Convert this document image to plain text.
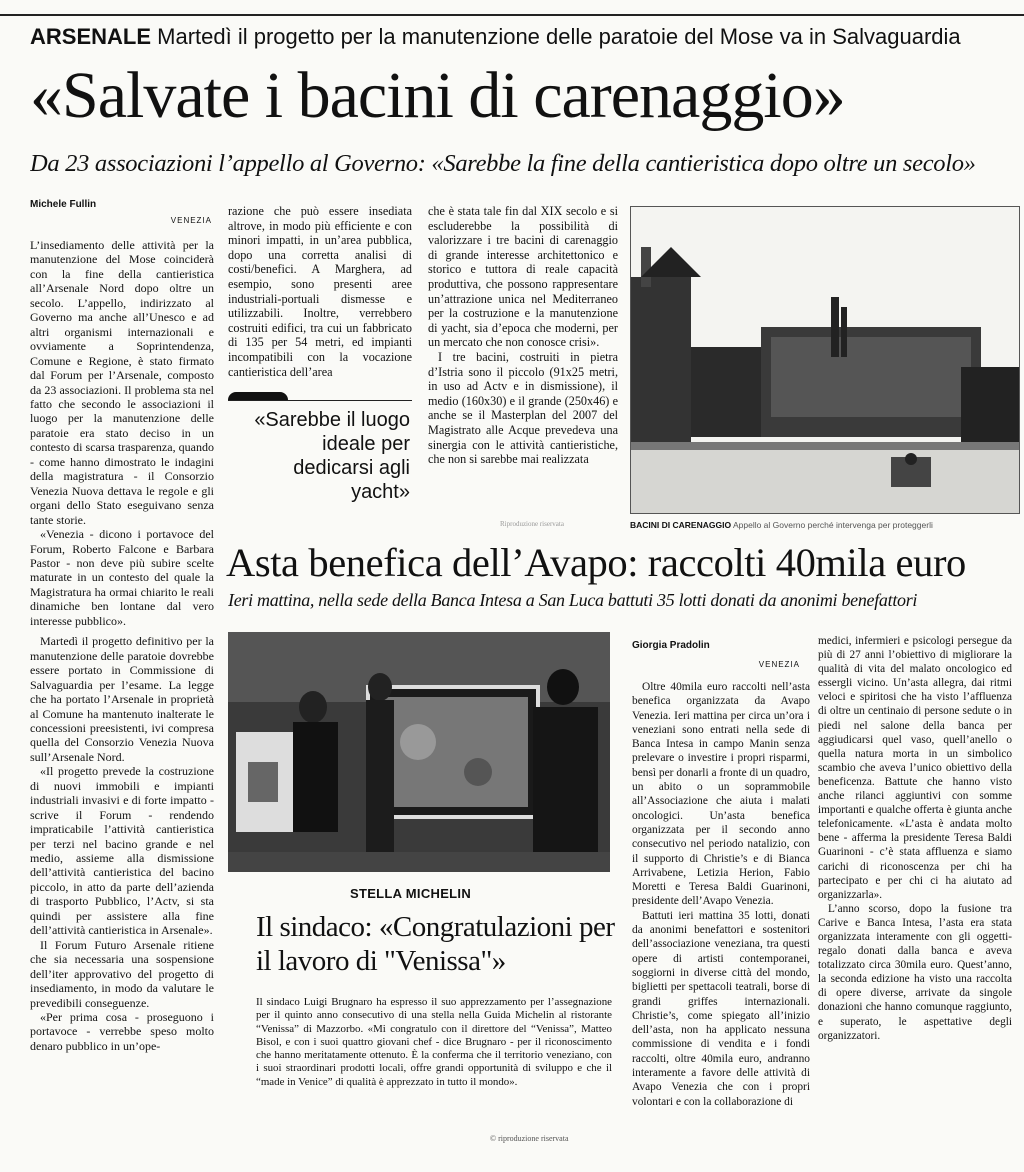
ARSENALE Martedì il progetto per la manutenzione delle paratoie del Mose va in Salvaguardia
«Salvate i bacini di carenaggio»
Da 23 associazioni l’appello al Governo: «Sarebbe la fine della cantieristica dopo oltre un secolo»
Michele Fullin
VENEZIA

L’insediamento delle attività per la manutenzione del Mose coinciderà con la fine della cantieristica all’Arsenale Nord dopo oltre un secolo. L’appello, indirizzato al Governo ma anche all’Unesco e ad altri organismi internazionali e ovviamente a Soprintendenza, Comune e Regione, è stato firmato dal Forum per l’Arsenale, composto da 23 associazioni. Il problema sta nel fatto che secondo le associazioni il luogo per la manutenzione delle paratoie era stato deciso in un contesto di scarsa trasparenza, quando - come hanno dimostrato le indagini della magistratura - il Consorzio Venezia Nuova dettava le regole e gli organi dello Stato eseguivano senza tante storie.

«Venezia - dicono i portavoce del Forum, Roberto Falcone e Barbara Pastor - non deve più subire scelte maturate in un contesto del quale la Magistratura ha ormai chiarito le reali dinamiche ben lontane dal vero interesse pubblico».

Martedì il progetto definitivo per la manutenzione delle paratoie dovrebbe essere portato in Commissione di Salvaguardia per l’esame. La legge che ha portato l’Arsenale in proprietà al Comune ha mantenuto inalterate le concessioni preesistenti, ivi compresa quella del Consorzio Venezia Nuova sull’Arsenale Nord.

«Il progetto prevede la costruzione di nuovi immobili e impianti industriali invasivi e di forte impatto - scrive il Forum - rendendo impraticabile l’attività cantieristica per terzi nel bacino grande e nel medio, assieme alla dismissione dell’attività cantieristica del bacino piccolo, in atto da parte dell’azienda di trasporto Pubblico, l’Actv, si sta quindi per assistere alla fine dell’attività cantieristica in Arsenale».

Il Forum Futuro Arsenale ritiene che sia necessaria una sospensione dell’iter approvativo del progetto di insediamento, in modo da valutare le prevedibili conseguenze.

«Per prima cosa - proseguono i portavoce - verrebbe speso molto denaro pubblico in un’ope-

razione che può essere insediata altrove, in modo più efficiente e con minori impatti, in un’area pubblica, dopo una corretta analisi di costi/benefici. A Marghera, ad esempio, sono presenti aree industriali-portuali dismesse e utilizzabili. Inoltre, verrebbero costruiti edifici, tra cui un fabbricato di 135 per 54 metri, ed impianti incompatibili con la vocazione cantieristica dell’area

«Sarebbe il luogo ideale per dedicarsi agli yacht»

che è stata tale fin dal XIX secolo e si escluderebbe la possibilità di valorizzare i tre bacini di carenaggio di grande interesse architettonico e storico e tuttora di reale capacità produttiva, che possono rappresentare un’attrazione unica nel Mediterraneo per la costruzione e la manutenzione di yacht, sia d’epoca che moderni, per un mercato che non conosce crisi».

I tre bacini, costruiti in pietra d’Istria sono il piccolo (91x25 metri, in uso ad Actv e in dismissione), il medio (160x30) e il grande (250x46) e anche se il Masterplan del 2007 del Magistrato alle Acque prevedeva una sinergia con le attività cantieristiche, che non si sarebbe mai realizzata

BACINI DI CARENAGGIO Appello al Governo perché intervenga per proteggerli
Riproduzione riservata
Asta benefica dell’Avapo: raccolti 40mila euro
Ieri mattina, nella sede della Banca Intesa a San Luca battuti 35 lotti donati da anonimi benefattori
STELLA MICHELIN
Il sindaco: «Congratulazioni per il lavoro di "Venissa"»

Il sindaco Luigi Brugnaro ha espresso il suo apprezzamento per l’assegnazione per il quinto anno consecutivo di una stella nella Guida Michelin al ristorante “Venissa” di Mazzorbo. «Mi congratulo con il direttore del “Venissa”, Matteo Bisol, e con i suoi quattro giovani chef - dice Brugnaro - per il riconoscimento che hanno meritatamente ottenuto. È la conferma che il territorio veneziano, con i suoi straordinari prodotti locali, offre grandi opportunità di sviluppo e che il “made in Venice” di qualità è apprezzato in tutto il mondo».

© riproduzione riservata
Giorgia Pradolin
VENEZIA

Oltre 40mila euro raccolti nell’asta benefica organizzata da Avapo Venezia. Ieri mattina per circa un’ora i veneziani sono entrati nella sede di Banca Intesa in campo Manin senza prelevare o investire i propri risparmi, bensì per donarli a fronte di un quadro, un abito o un soprammobile all’Associazione che aiuta i malati oncologici. Un’asta benefica organizzata per il secondo anno consecutivo nel periodo natalizio, con il supporto di Christie’s e di Bianca Arrivabene, Letizia Herion, Fabio Moretti e Teresa Baldi Guarinoni, presidente dell’Avapo Venezia.

Battuti ieri mattina 35 lotti, donati da anonimi benefattori e sostenitori dell’associazione veneziana, tra questi opere di artisti contemporanei, soggiorni in diverse città del mondo, biglietti per spettacoli teatrali, borse di grandi griffes internazionali. Christie’s, come spiegato all’inizio dell’asta, non ha applicato nessuna commissione di vendita e i fondi raccolti, oltre 40mila euro, andranno interamente a favore delle attività di Avapo Venezia che con i propri volontari e con la collaborazione di

medici, infermieri e psicologi persegue da più di 27 anni l’obiettivo di migliorare la qualità di vita del malato oncologico ed essergli vicino. Un’asta allegra, dai ritmi veloci e spiritosi che ha visto l’affluenza di oltre un centinaio di persone sedute o in piedi nel salone della banca per aggiudicarsi quel vaso, quell’anello o quella natura morta in un simbolico scambio che aveva l’unico obiettivo della beneficenza. Battute che hanno visto anche rilanci aggiuntivi con somme importanti e qualche offerta è giunta anche telefonicamente. «L’asta è andata molto bene - afferma la presidente Teresa Baldi Guarinoni - c’è stata affluenza e siamo carichi di riconoscenza per chi ha partecipato e per chi ci ha aiutato ad organizzarla».

L’anno scorso, dopo la fusione tra Carive e Banca Intesa, l’asta era stata organizzata interamente con gli oggetti-regalo donati dalla banca e aveva totalizzato circa 30mila euro. Quest’anno, la seconda edizione ha visto una raccolta di opere diverse, arrivate da singole donazioni che hanno comunque raggiunto, e superato, le aspettative degli organizzatori.
